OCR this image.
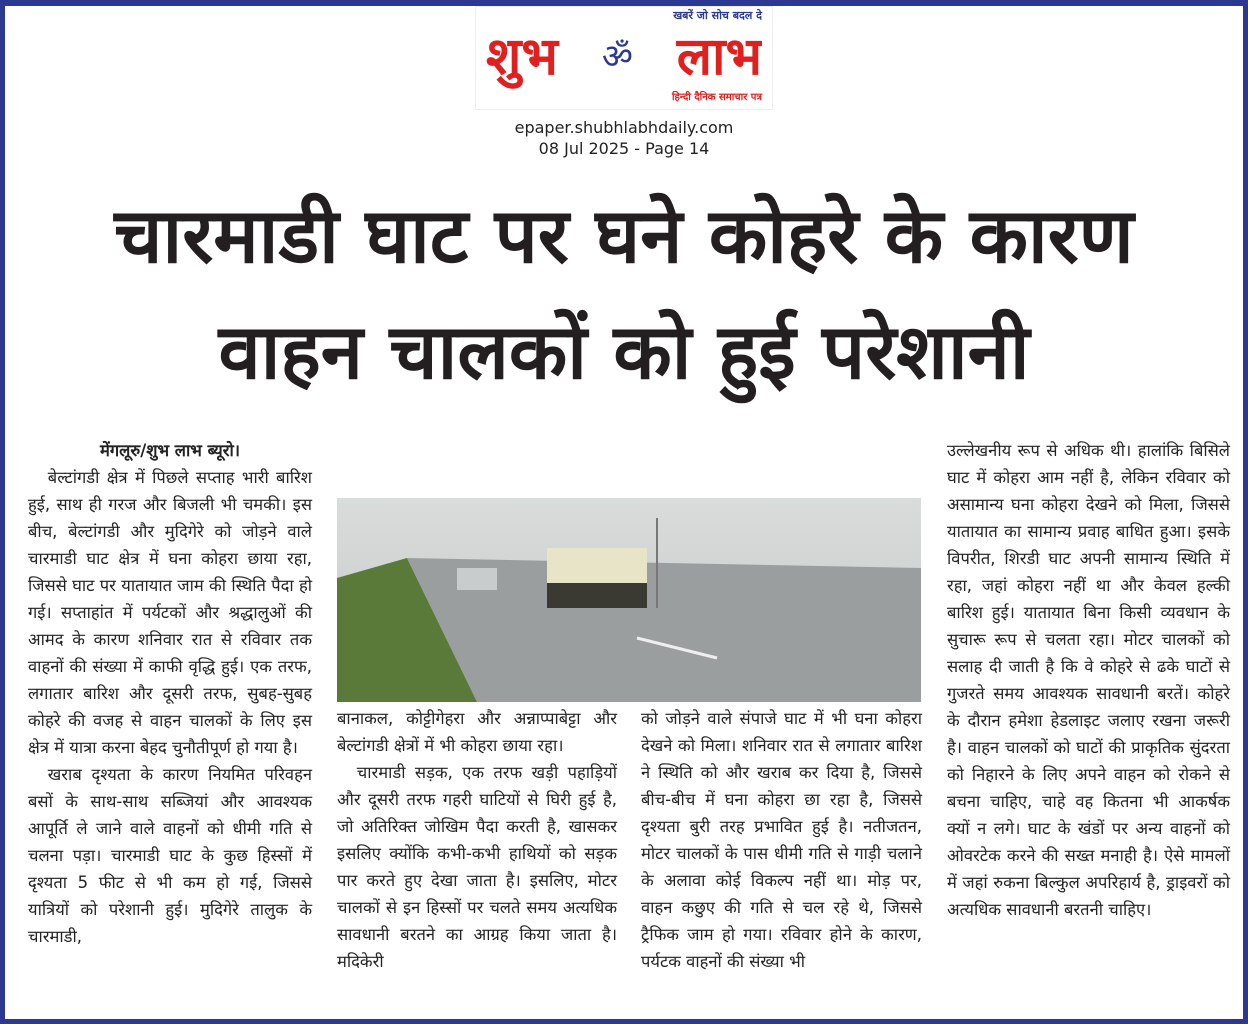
खबरें जो सोच बदल दे
शुभ ॐ लाभ
हिन्दी दैनिक समाचार पत्र
epaper.shubhlabhdaily.com
08 Jul 2025 - Page 14
चारमाडी घाट पर घने कोहरे के कारण
वाहन चालकों को हुई परेशानी

मेंगलूरु/शुभ लाभ ब्यूरो।

बेल्टांगडी क्षेत्र में पिछले सप्ताह भारी बारिश हुई, साथ ही गरज और बिजली भी चमकी। इस बीच, बेल्टांगडी और मुदिगेरे को जोड़ने वाले चारमाडी घाट क्षेत्र में घना कोहरा छाया रहा, जिससे घाट पर यातायात जाम की स्थिति पैदा हो गई। सप्ताहांत में पर्यटकों और श्रद्धालुओं की आमद के कारण शनिवार रात से रविवार तक वाहनों की संख्या में काफी वृद्धि हुई। एक तरफ, लगातार बारिश और दूसरी तरफ, सुबह-सुबह कोहरे की वजह से वाहन चालकों के लिए इस क्षेत्र में यात्रा करना बेहद चुनौतीपूर्ण हो गया है।

खराब दृश्यता के कारण नियमित परिवहन बसों के साथ-साथ सब्जियां और आवश्यक आपूर्ति ले जाने वाले वाहनों को धीमी गति से चलना पड़ा। चारमाडी घाट के कुछ हिस्सों में दृश्यता 5 फीट से भी कम हो गई, जिससे यात्रियों को परेशानी हुई। मुदिगेरे तालुक के चारमाडी,

बानाकल, कोट्टीगेहरा और अन्नाप्पाबेट्टा और बेल्टांगडी क्षेत्रों में भी कोहरा छाया रहा।

चारमाडी सड़क, एक तरफ खड़ी पहाड़ियों और दूसरी तरफ गहरी घाटियों से घिरी हुई है, जो अतिरिक्त जोखिम पैदा करती है, खासकर इसलिए क्योंकि कभी-कभी हाथियों को सड़क पार करते हुए देखा जाता है। इसलिए, मोटर चालकों से इन हिस्सों पर चलते समय अत्यधिक सावधानी बरतने का आग्रह किया जाता है। मदिकेरी

को जोड़ने वाले संपाजे घाट में भी घना कोहरा देखने को मिला। शनिवार रात से लगातार बारिश ने स्थिति को और खराब कर दिया है, जिससे बीच-बीच में घना कोहरा छा रहा है, जिससे दृश्यता बुरी तरह प्रभावित हुई है। नतीजतन, मोटर चालकों के पास धीमी गति से गाड़ी चलाने के अलावा कोई विकल्प नहीं था। मोड़ पर, वाहन कछुए की गति से चल रहे थे, जिससे ट्रैफिक जाम हो गया। रविवार होने के कारण, पर्यटक वाहनों की संख्या भी

उल्लेखनीय रूप से अधिक थी। हालांकि बिसिले घाट में कोहरा आम नहीं है, लेकिन रविवार को असामान्य घना कोहरा देखने को मिला, जिससे यातायात का सामान्य प्रवाह बाधित हुआ। इसके विपरीत, शिरडी घाट अपनी सामान्य स्थिति में रहा, जहां कोहरा नहीं था और केवल हल्की बारिश हुई। यातायात बिना किसी व्यवधान के सुचारू रूप से चलता रहा। मोटर चालकों को सलाह दी जाती है कि वे कोहरे से ढके घाटों से गुजरते समय आवश्यक सावधानी बरतें। कोहरे के दौरान हमेशा हेडलाइट जलाए रखना जरूरी है। वाहन चालकों को घाटों की प्राकृतिक सुंदरता को निहारने के लिए अपने वाहन को रोकने से बचना चाहिए, चाहे वह कितना भी आकर्षक क्यों न लगे। घाट के खंडों पर अन्य वाहनों को ओवरटेक करने की सख्त मनाही है। ऐसे मामलों में जहां रुकना बिल्कुल अपरिहार्य है, ड्राइवरों को अत्यधिक सावधानी बरतनी चाहिए।
